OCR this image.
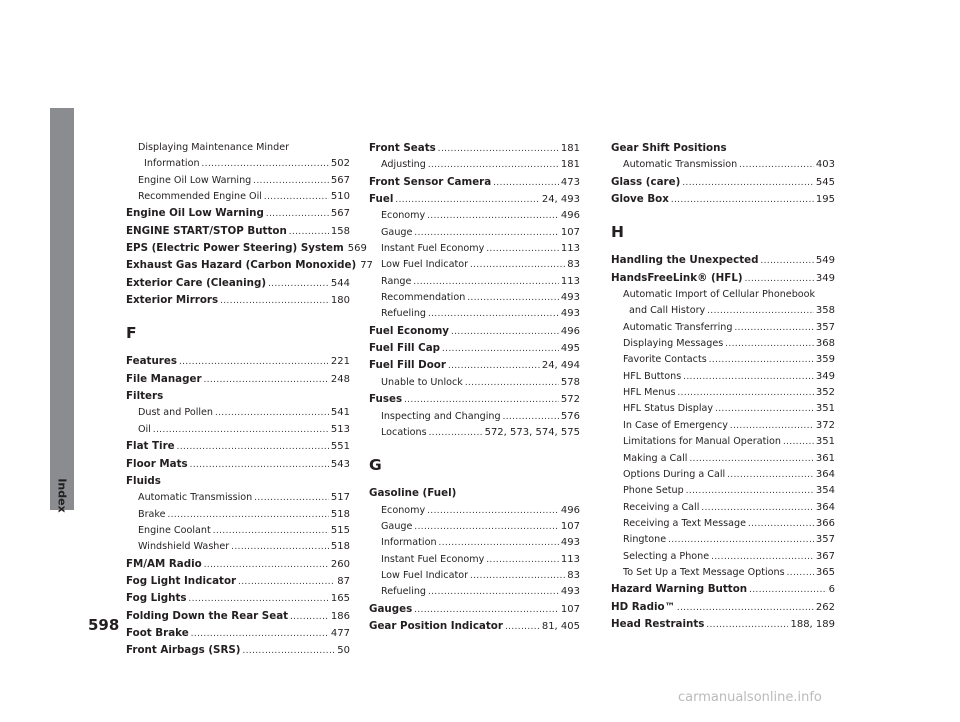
Index
Displaying Maintenance Minder
Information .....	502
Engine Oil Low Warning .....	567
Recommended Engine Oil .....	510
Engine Oil Low Warning .....	567
ENGINE START/STOP Button .....	158
EPS (Electric Power Steering) System 569
Exhaust Gas Hazard (Carbon Monoxide) 77
Exterior Care (Cleaning) .....	544
Exterior Mirrors .....	180
F
Features .....	221
File Manager .....	248
Filters
Dust and Pollen .....	541
Oil .....	513
Flat Tire .....	551
Floor Mats .....	543
Fluids
Automatic Transmission .....	517
Brake .....	518
Engine Coolant .....	515
Windshield Washer .....	518
FM/AM Radio .....	260
Fog Light Indicator .....	87
Fog Lights .....	165
Folding Down the Rear Seat .....	186
Foot Brake .....	477
Front Airbags (SRS) .....	50
Front Seats .....	181
Adjusting .....	181
Front Sensor Camera .....	473
Fuel .....	24, 493
Economy .....	496
Gauge .....	107
Instant Fuel Economy .....	113
Low Fuel Indicator .....	83
Range .....	113
Recommendation .....	493
Refueling .....	493
Fuel Economy .....	496
Fuel Fill Cap .....	495
Fuel Fill Door .....	24, 494
Unable to Unlock .....	578
Fuses .....	572
Inspecting and Changing .....	576
Locations .....	572, 573, 574, 575
G
Gasoline (Fuel)
Economy .....	496
Gauge .....	107
Information .....	493
Instant Fuel Economy .....	113
Low Fuel Indicator .....	83
Refueling .....	493
Gauges .....	107
Gear Position Indicator .....	81, 405
Gear Shift Positions
Automatic Transmission .....	403
Glass (care) .....	545
Glove Box .....	195
H
Handling the Unexpected .....	549
HandsFreeLink® (HFL) .....	349
Automatic Import of Cellular Phonebook
and Call History .....	358
Automatic Transferring .....	357
Displaying Messages .....	368
Favorite Contacts .....	359
HFL Buttons .....	349
HFL Menus .....	352
HFL Status Display .....	351
In Case of Emergency .....	372
Limitations for Manual Operation .....	351
Making a Call .....	361
Options During a Call .....	364
Phone Setup .....	354
Receiving a Call .....	364
Receiving a Text Message .....	366
Ringtone .....	357
Selecting a Phone .....	367
To Set Up a Text Message Options .....	365
Hazard Warning Button .....	6
HD Radio™ .....	262
Head Restraints .....	188, 189
598
carmanualsonline.info
